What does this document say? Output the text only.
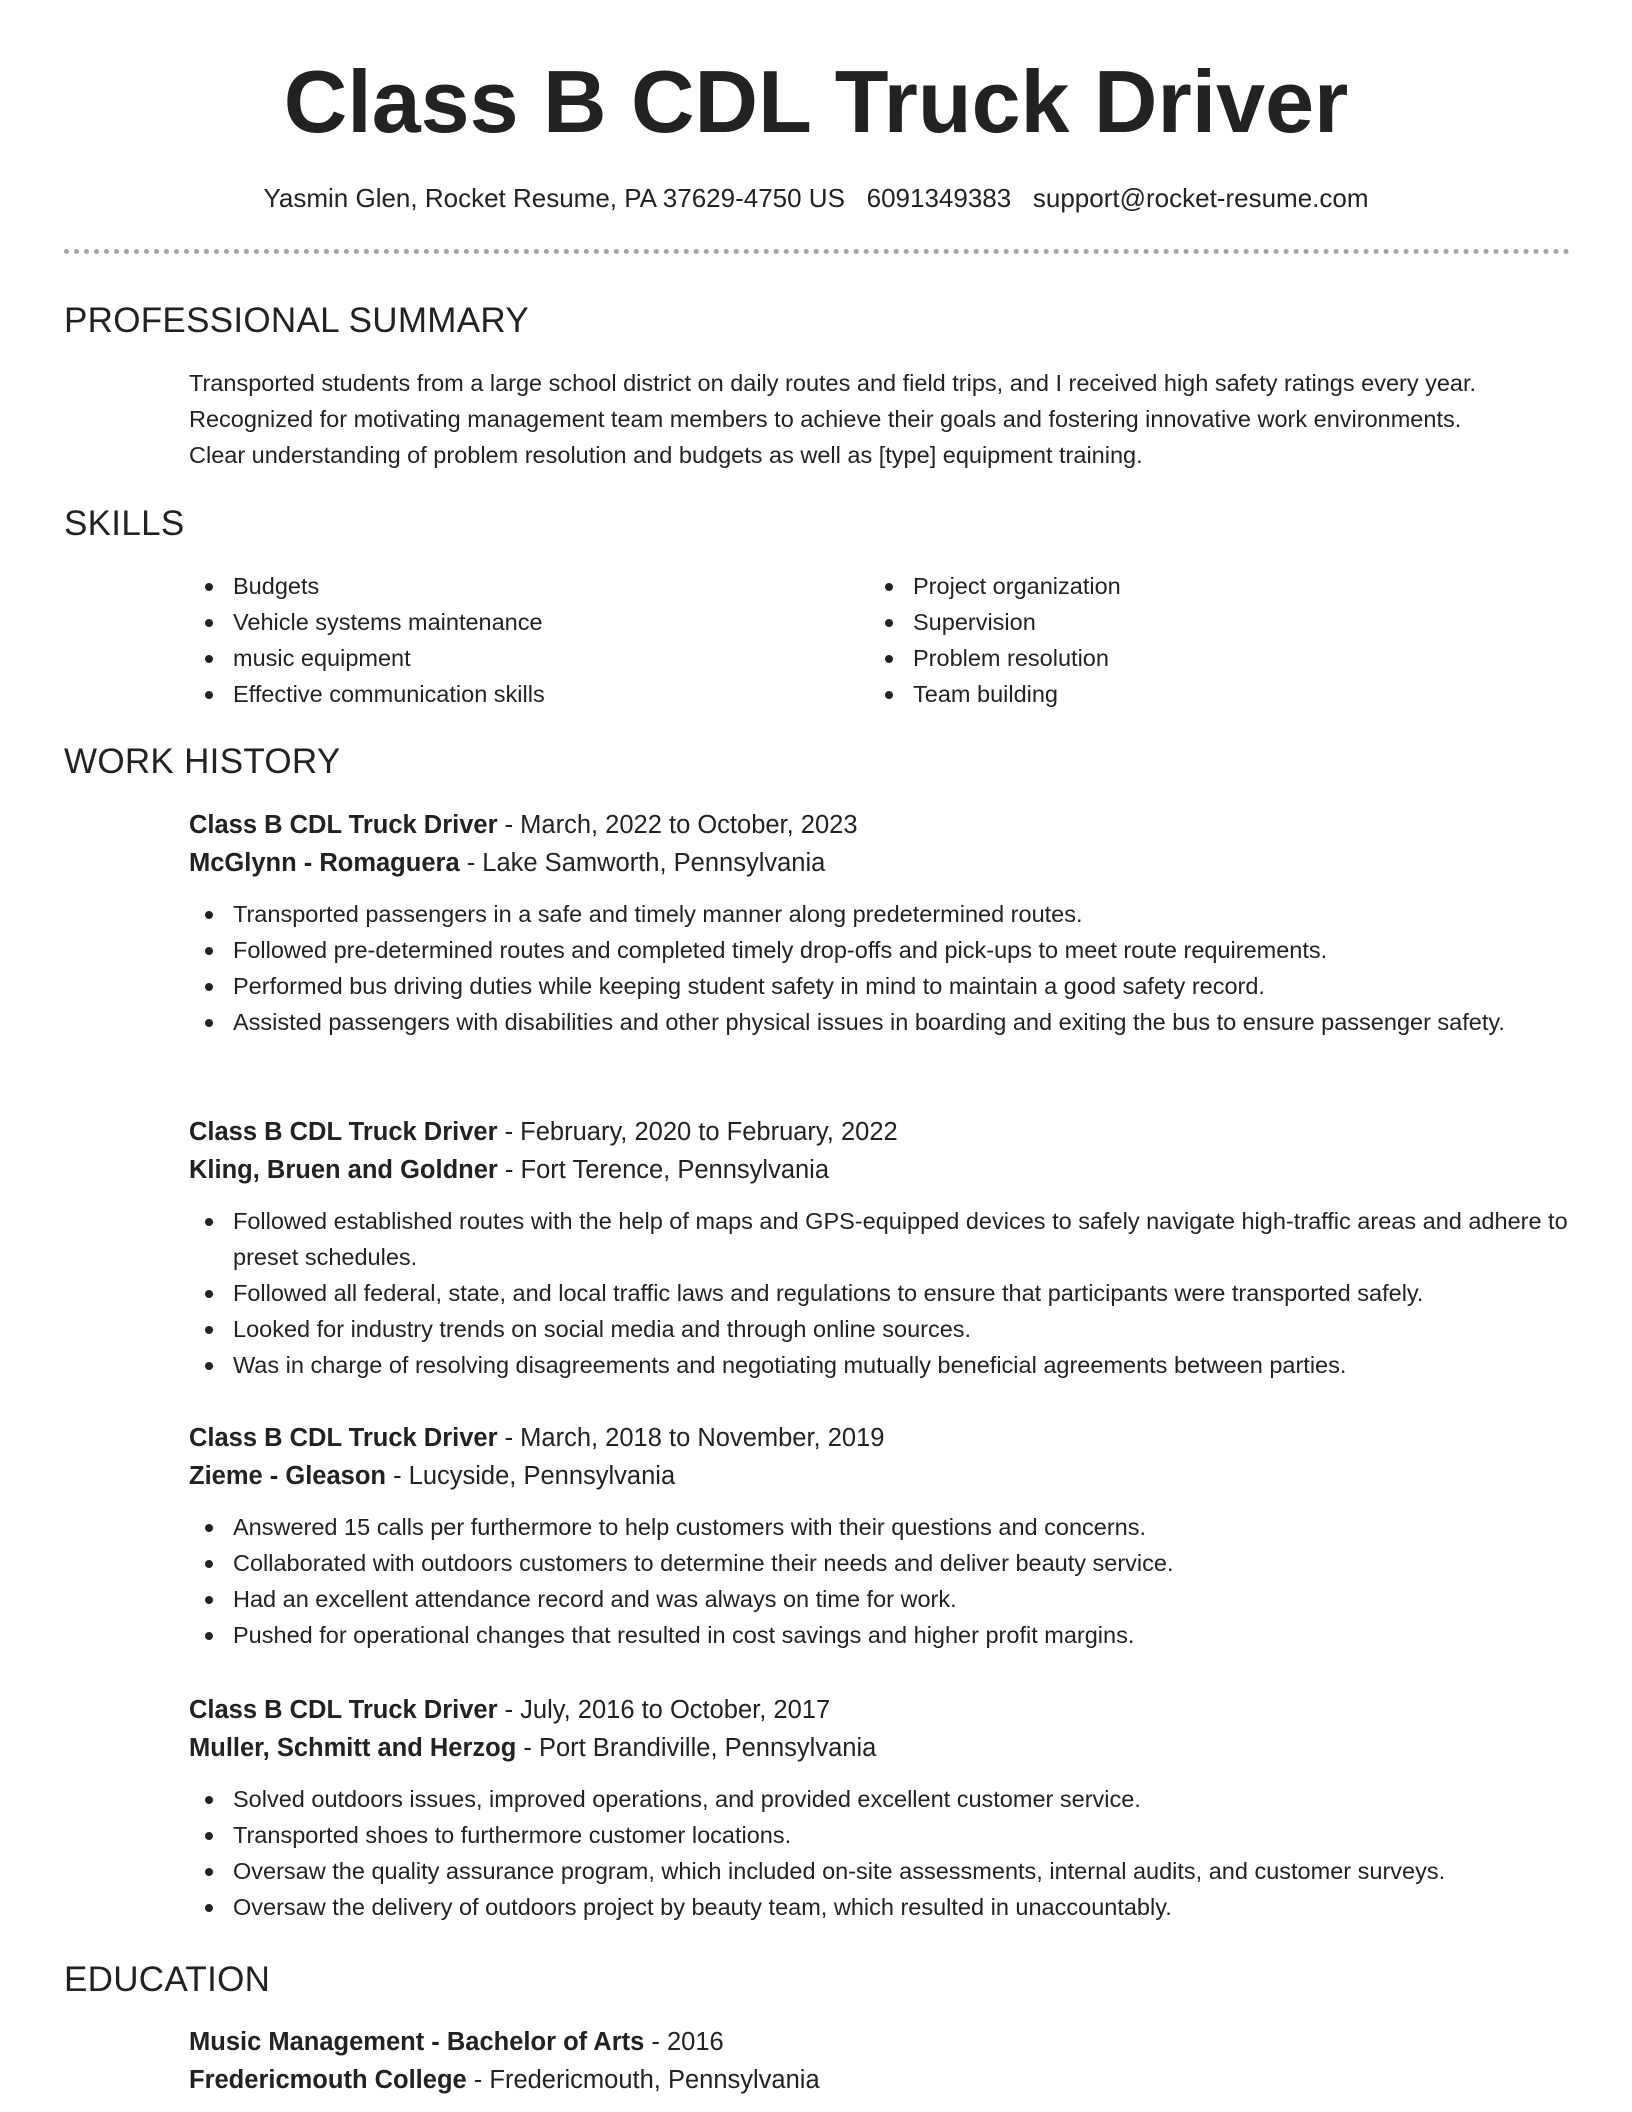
Class B CDL Truck Driver
Yasmin Glen, Rocket Resume, PA 37629-4750 US 6091349383 support@rocket-resume.com
PROFESSIONAL SUMMARY
Transported students from a large school district on daily routes and field trips, and I received high safety ratings every year.
Recognized for motivating management team members to achieve their goals and fostering innovative work environments.
Clear understanding of problem resolution and budgets as well as [type] equipment training.
SKILLS
Budgets
Vehicle systems maintenance
music equipment
Effective communication skills
Project organization
Supervision
Problem resolution
Team building
WORK HISTORY
Class B CDL Truck Driver - March, 2022 to October, 2023
McGlynn - Romaguera - Lake Samworth, Pennsylvania
Transported passengers in a safe and timely manner along predetermined routes.
Followed pre-determined routes and completed timely drop-offs and pick-ups to meet route requirements.
Performed bus driving duties while keeping student safety in mind to maintain a good safety record.
Assisted passengers with disabilities and other physical issues in boarding and exiting the bus to ensure passenger safety.
Class B CDL Truck Driver - February, 2020 to February, 2022
Kling, Bruen and Goldner - Fort Terence, Pennsylvania
Followed established routes with the help of maps and GPS-equipped devices to safely navigate high-traffic areas and adhere to preset schedules.
Followed all federal, state, and local traffic laws and regulations to ensure that participants were transported safely.
Looked for industry trends on social media and through online sources.
Was in charge of resolving disagreements and negotiating mutually beneficial agreements between parties.
Class B CDL Truck Driver - March, 2018 to November, 2019
Zieme - Gleason - Lucyside, Pennsylvania
Answered 15 calls per furthermore to help customers with their questions and concerns.
Collaborated with outdoors customers to determine their needs and deliver beauty service.
Had an excellent attendance record and was always on time for work.
Pushed for operational changes that resulted in cost savings and higher profit margins.
Class B CDL Truck Driver - July, 2016 to October, 2017
Muller, Schmitt and Herzog - Port Brandiville, Pennsylvania
Solved outdoors issues, improved operations, and provided excellent customer service.
Transported shoes to furthermore customer locations.
Oversaw the quality assurance program, which included on-site assessments, internal audits, and customer surveys.
Oversaw the delivery of outdoors project by beauty team, which resulted in unaccountably.
EDUCATION
Music Management - Bachelor of Arts - 2016
Fredericmouth College - Fredericmouth, Pennsylvania
